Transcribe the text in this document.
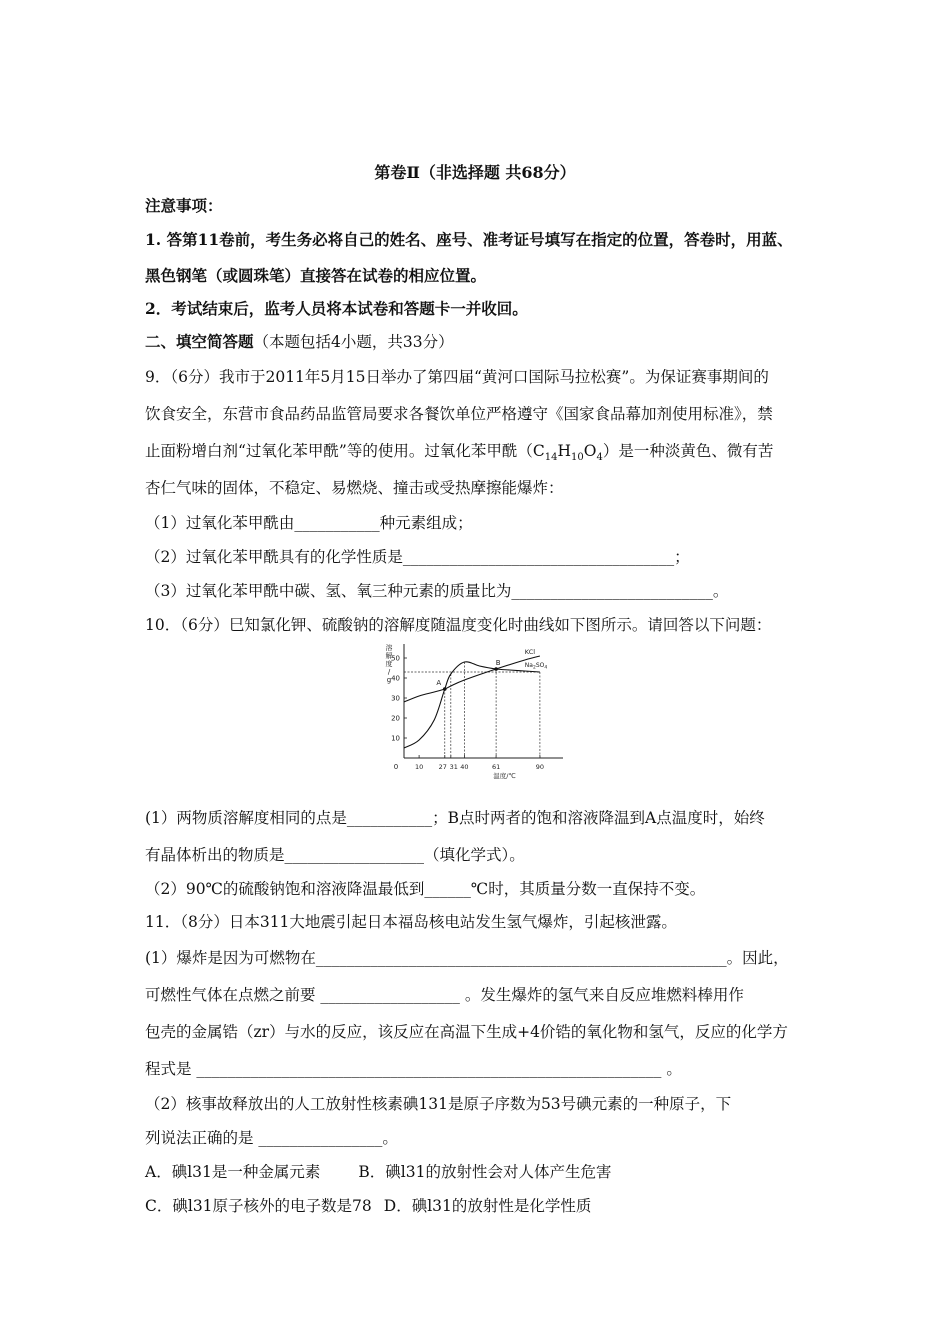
第卷Ⅱ（非选择题 共68分）
注意事项：
1. 答第11卷前，考生务必将自己的姓名、座号、准考证号填写在指定的位置，答卷时，用蓝、
黑色钢笔（或圆珠笔）直接答在试卷的相应位置。
2．考试结束后，监考人员将本试卷和答题卡一并收回。
二、填空简答题（本题包括4小题，共33分）
9．（6分）我市于2011年5月15日举办了第四届“黄河口国际马拉松赛”。为保证赛事期间的
饮食安全，东营市食品药品监管局要求各餐饮单位严格遵守《国家食品幕加剂使用标准》，禁
止面粉增白剂“过氧化苯甲酰”等的使用。过氧化苯甲酰$(C_{14}H_{10}O_4)$是一种淡黄色、微有苦
杏仁气味的固体，不稳定、易燃烧、撞击或受热摩擦能爆炸：
（1）过氧化苯甲酰由___________种元素组成；
（2）过氧化苯甲酰具有的化学性质是___________________________________；
（3）过氧化苯甲酰中碳、氢、氧三种元素的质量比为__________________________。
10．（6分）巳知氯化钾、硫酸钠的溶解度随温度变化时曲线如下图所示。请回答以下问题：
0
10
20
30
40
50
10 27 31 40	61	90
溶
解
度
/
g
温度/℃
A
B
KCl
$Na_2SO_4$
(1）两物质溶解度相同的点是___________；B点时两者的饱和溶液降温到A点温度时，始终
有晶体析出的物质是__________________（填化学式）。
（2）90℃的硫酸钠饱和溶液降温最低到______℃时，其质量分数一直保持不变。
11．（8分）日本311大地震引起日本福岛核电站发生氢气爆炸，引起核泄露。
(1）爆炸是因为可燃物在_____________________________________________________。因此，
可燃性气体在点燃之前要 __________________ 。发生爆炸的氢气来自反应堆燃料棒用作
包壳的金属锆（zr）与水的反应，该反应在高温下生成+4价锆的氧化物和氢气，反应的化学方
程式是 ____________________________________________________________ 。
（2）核事故释放出的人工放射性核素碘131是原子序数为53号碘元素的一种原子，下
列说法正确的是 ________________。
A．碘l31是一种金属元素 B．碘l31的放射性会对人体产生危害
C．碘l31原子核外的电子数是78 D．碘l31的放射性是化学性质
